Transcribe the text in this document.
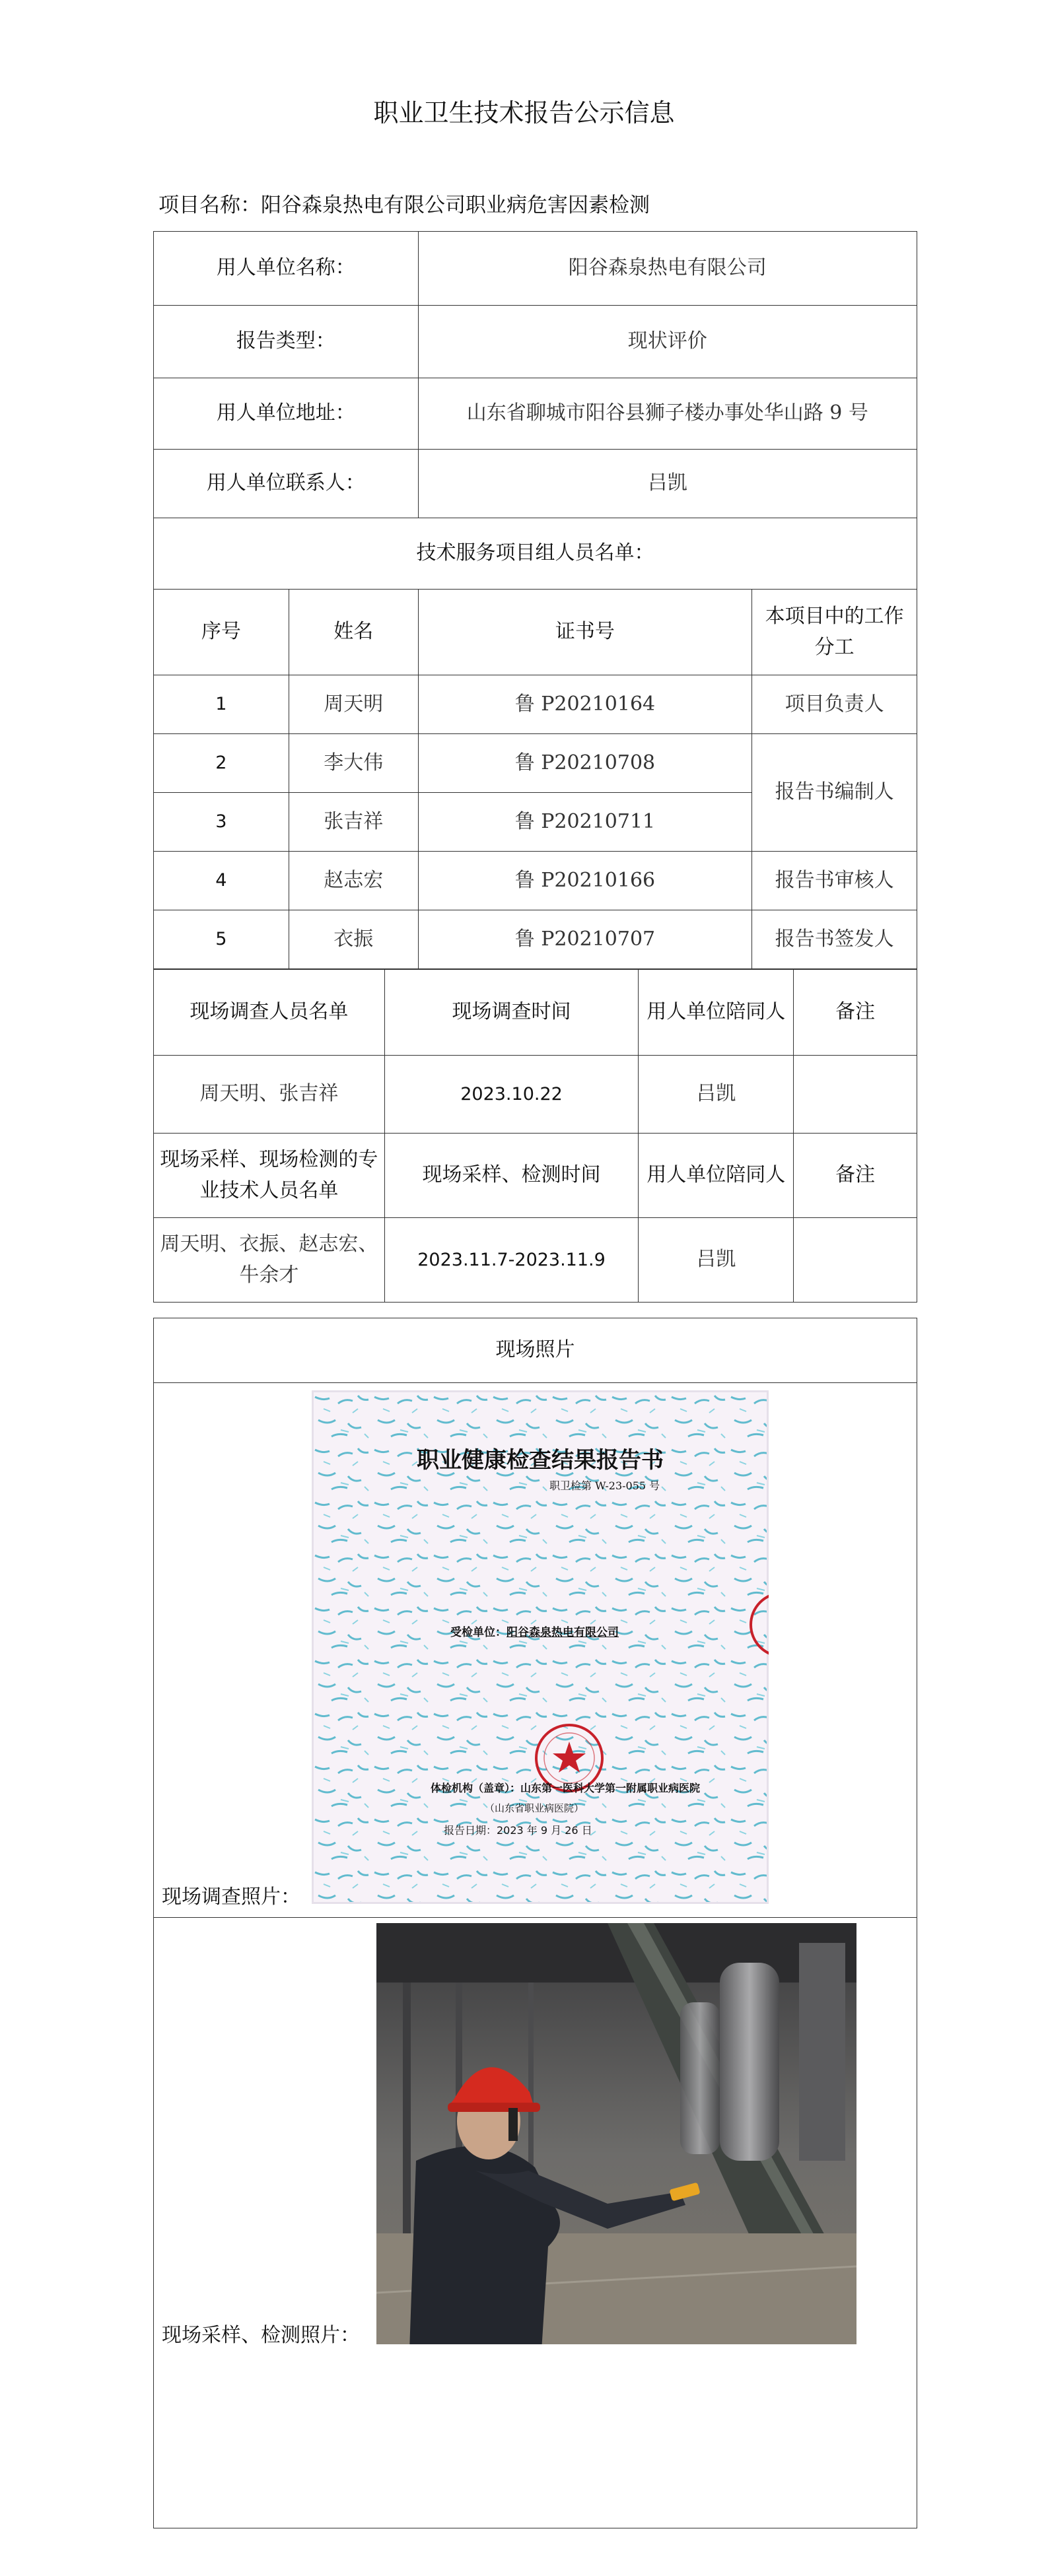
职业卫生技术报告公示信息
项目名称：阳谷森泉热电有限公司职业病危害因素检测
用人单位名称：		阳谷森泉热电有限公司	
报告类型：		现状评价	
用人单位地址：		山东省聊城市阳谷县狮子楼办事处华山路 9 号	
用人单位联系人：		吕凯	
技术服务项目组人员名单：			
序号	姓名	证书号	本项目中的工作分工
1	周天明	鲁 P20210164	项目负责人
2	李大伟	鲁 P20210708	报告书编制人
3	张吉祥	鲁 P20210711	
4	赵志宏	鲁 P20210166	报告书审核人
5	衣振	鲁 P20210707	报告书签发人
现场调查人员名单	现场调查时间	用人单位陪同人	备注
周天明、张吉祥	2023.10.22	吕凯	
现场采样、现场检测的专业技术人员名单	现场采样、检测时间	用人单位陪同人	备注
周天明、衣振、赵志宏、牛余才	2023.11.7-2023.11.9	吕凯	
现场照片

职业健康检查结果报告书
职卫检第 W-23-055 号
受检单位：阳谷森泉热电有限公司
体检机构（盖章）：山东第一医科大学第一附属职业病医院
（山东省职业病医院）
报告日期：2023 年 9 月 26 日
现场调查照片：
现场采样、检测照片：
